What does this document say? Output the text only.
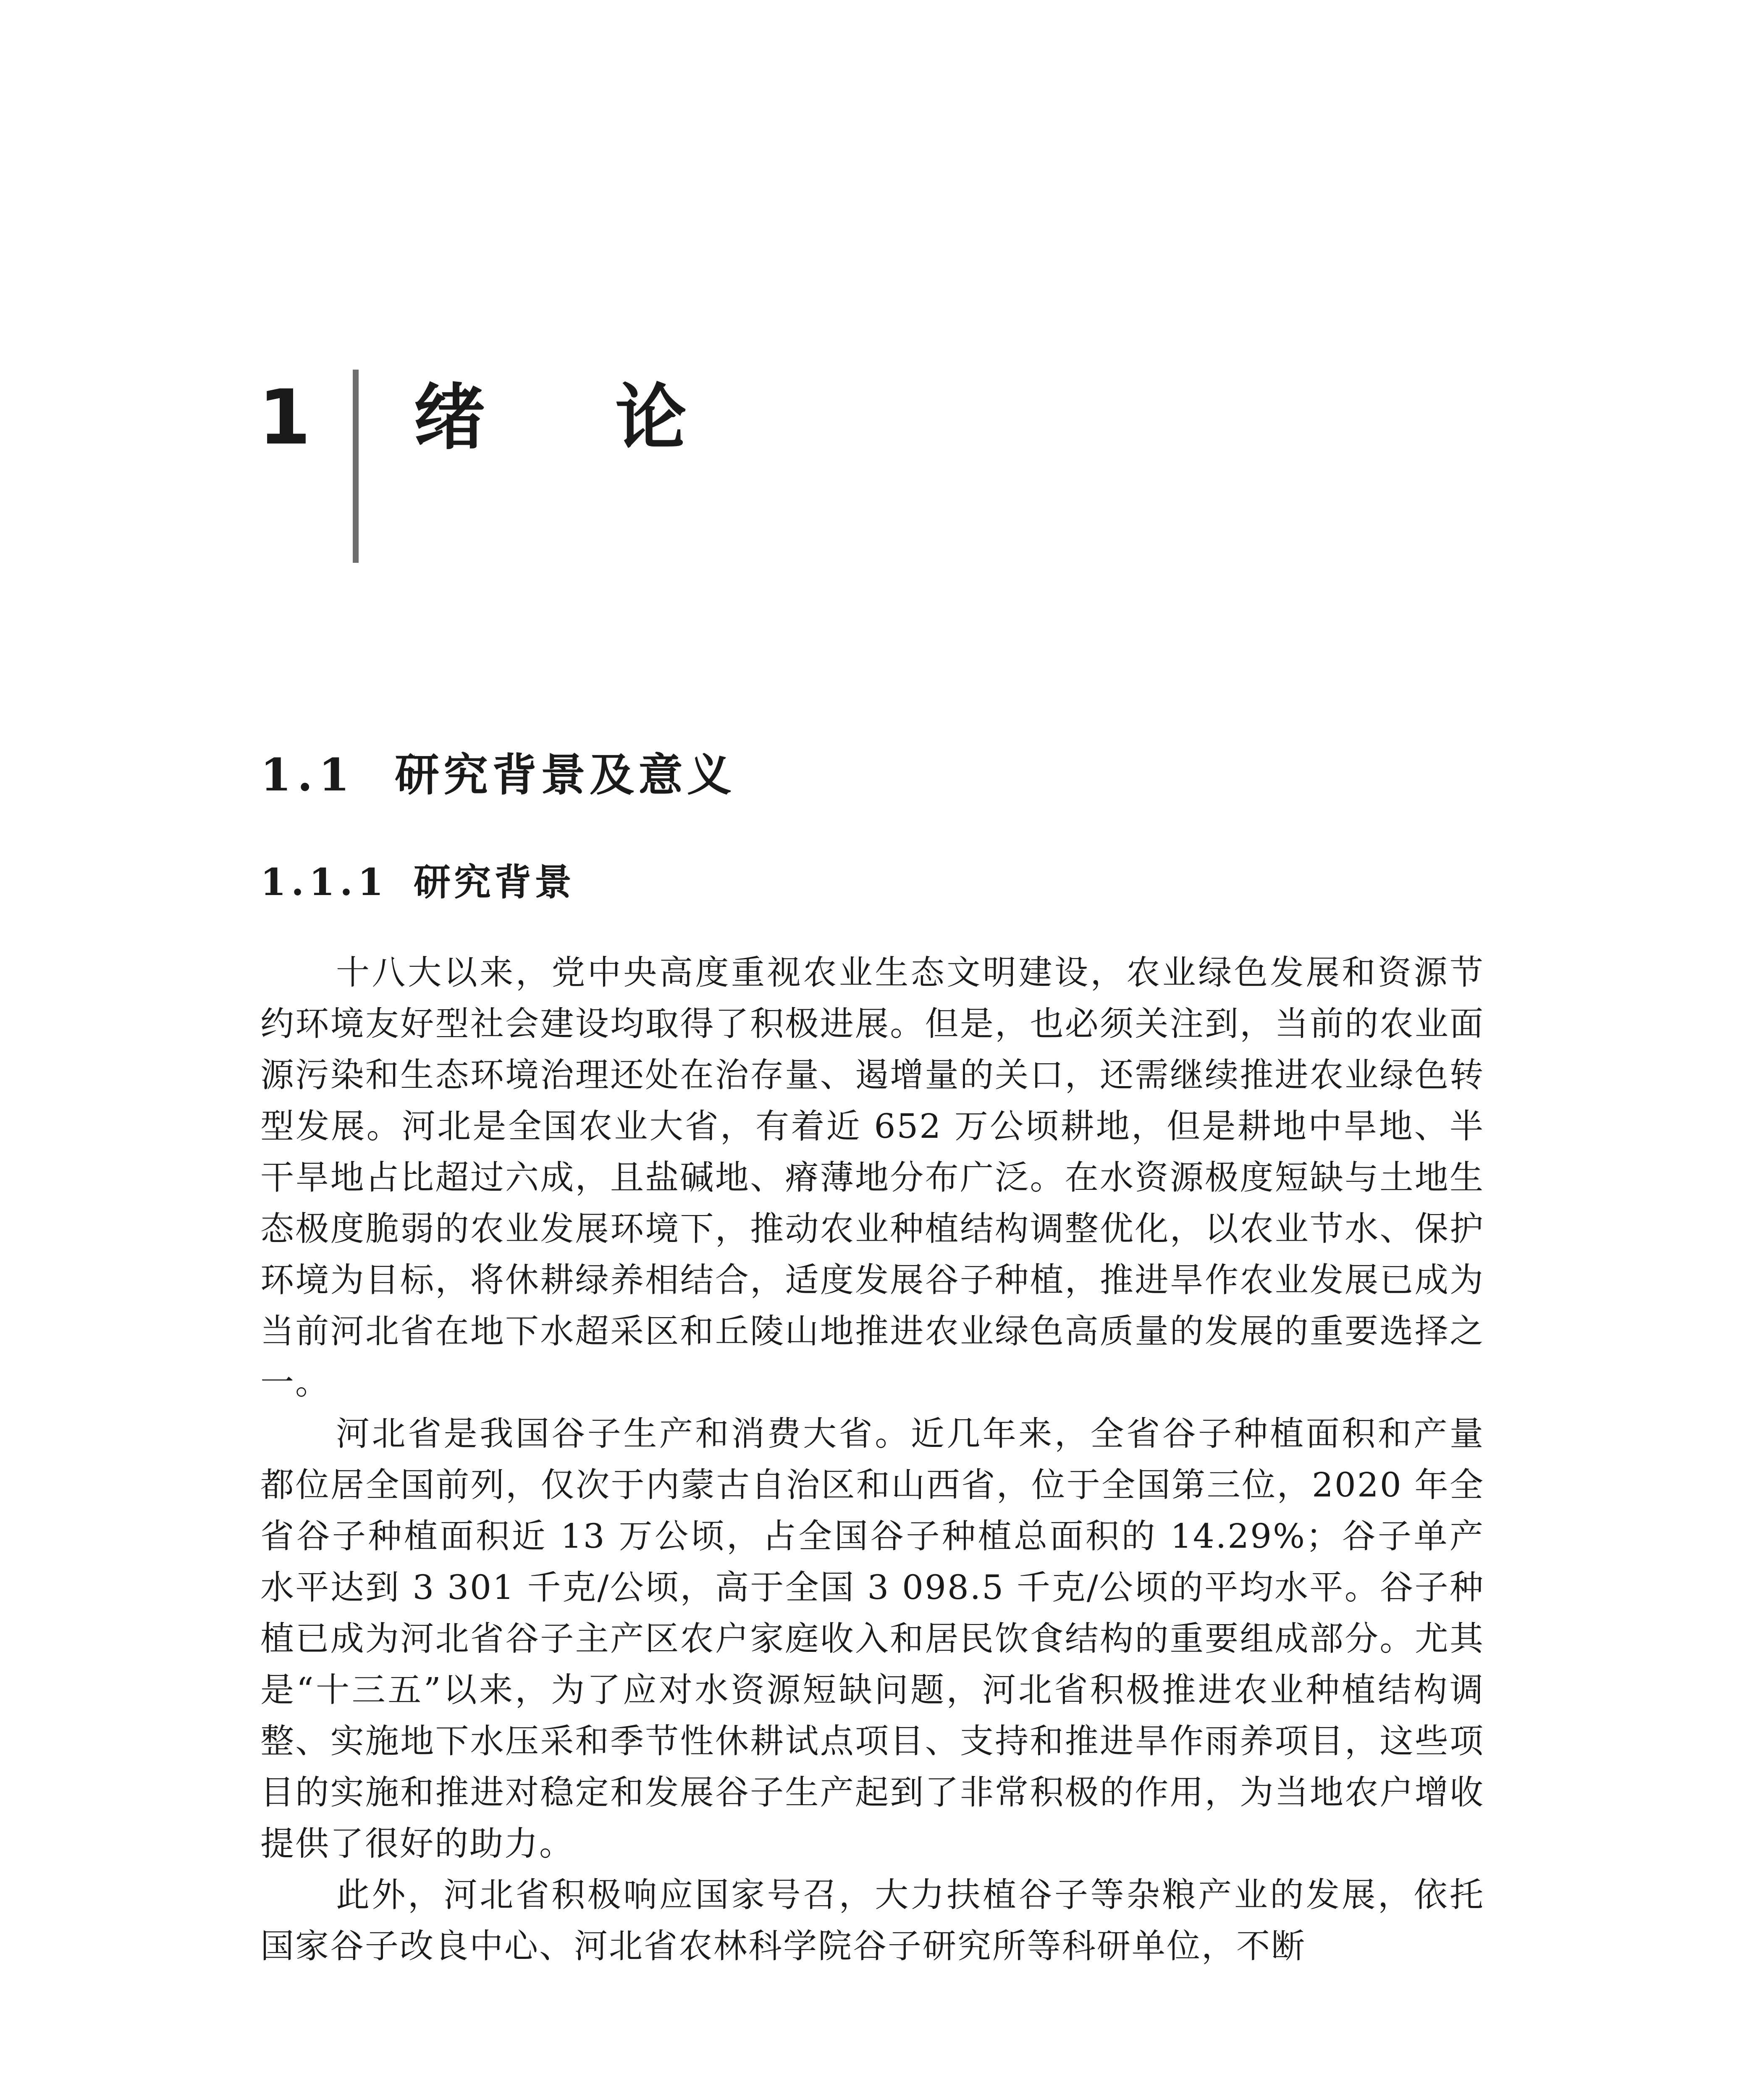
1 绪论
1.1 研究背景及意义
1.1.1 研究背景

十八大以来，党中央高度重视农业生态文明建设，农业绿色发展和资源节约环境友好型社会建设均取得了积极进展。但是，也必须关注到，当前的农业面源污染和生态环境治理还处在治存量、遏增量的关口，还需继续推进农业绿色转型发展。河北是全国农业大省，有着近 652 万公顷耕地，但是耕地中旱地、半干旱地占比超过六成，且盐碱地、瘠薄地分布广泛。在水资源极度短缺与土地生态极度脆弱的农业发展环境下，推动农业种植结构调整优化，以农业节水、保护环境为目标，将休耕绿养相结合，适度发展谷子种植，推进旱作农业发展已成为当前河北省在地下水超采区和丘陵山地推进农业绿色高质量的发展的重要选择之一。

河北省是我国谷子生产和消费大省。近几年来，全省谷子种植面积和产量都位居全国前列，仅次于内蒙古自治区和山西省，位于全国第三位，2020 年全省谷子种植面积近 13 万公顷，占全国谷子种植总面积的 14.29%；谷子单产水平达到 3 301 千克/公顷，高于全国 3 098.5 千克/公顷的平均水平。谷子种植已成为河北省谷子主产区农户家庭收入和居民饮食结构的重要组成部分。尤其是“十三五”以来，为了应对水资源短缺问题，河北省积极推进农业种植结构调整、实施地下水压采和季节性休耕试点项目、支持和推进旱作雨养项目，这些项目的实施和推进对稳定和发展谷子生产起到了非常积极的作用，为当地农户增收提供了很好的助力。

此外，河北省积极响应国家号召，大力扶植谷子等杂粮产业的发展，依托国家谷子改良中心、河北省农林科学院谷子研究所等科研单位，不断
